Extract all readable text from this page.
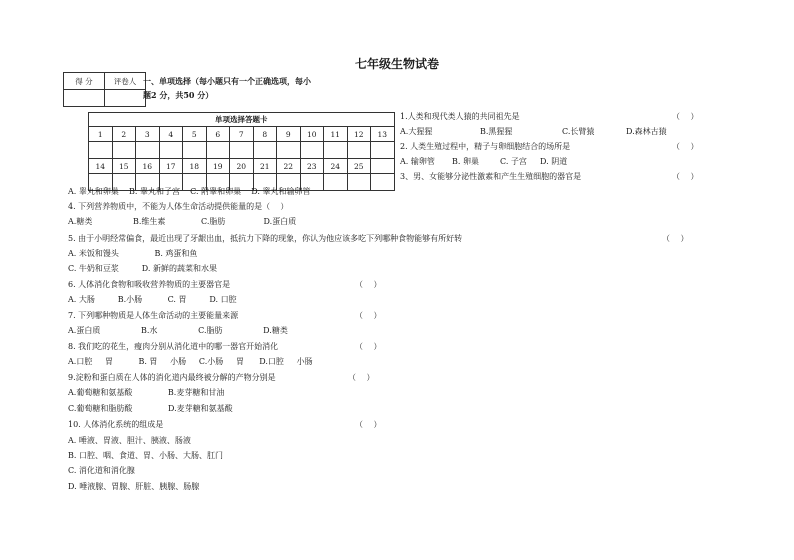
七年级生物试卷
得 分	评卷人
	一、单项选择（每小题只有一个正确选项，每小
题2 分，共50 分）
单项选择答题卡												
1	2	3	4	5	6	7	8	9	10	11	12	13

14	15	16	17	18	19	20	21	22	23	24	25	

1.人类和现代类人猿的共同祖先是	（ ）
A.大猩猩	B.黑猩猩	C.长臂猿	D.森林古猿
2. 人类生殖过程中，精子与卵细胞结合的场所是	（ ）
A. 输卵管 B. 卵巢	C. 子宫 D. 阴道
3、男、女能够分泌性激素和产生生殖细胞的器官是	（ ）
A. 睾丸和卵巢    B. 睾丸和子宫    C. 附睾和卵巢    D. 睾丸和输卵管
4. 下列营养物质中，不能为人体生命活动提供能量的是（    ）
A.糖类                B.维生素              C.脂肪               D.蛋白质
5. 由于小明经常偏食，最近出现了牙龈出血，抵抗力下降的现象，你认为他应该多吃下列哪种食物能够有所好转	（ ）
A. 米饭和馒头              B. 鸡蛋和鱼
C. 牛奶和豆浆         D. 新鲜的蔬菜和水果
6. 人体消化食物和吸收营养物质的主要器官是	（ ）
A. 大肠         B.小肠          C. 胃         D. 口腔
7. 下列哪种物质是人体生命活动的主要能量来源	（ ）
A.蛋白质                B.水                C.脂肪                D.糖类
8. 我们吃的花生，瘦肉分别从消化道中的哪一器官开始消化	（ ）
A.口腔     胃          B. 胃     小肠     C.小肠     胃      D.口腔     小肠
9.淀粉和蛋白质在人体的消化道内最终被分解的产物分别是	（ ）
A.葡萄糖和氨基酸              B.麦芽糖和甘油
C.葡萄糖和脂肪酸              D.麦芽糖和氨基酸
10. 人体消化系统的组成是	（ ）
A. 唾液、胃液、胆汁、胰液、肠液
B. 口腔、咽、食道、胃、小肠、大肠、肛门
C. 消化道和消化腺
D. 唾液腺、胃腺、肝脏、胰腺、肠腺
